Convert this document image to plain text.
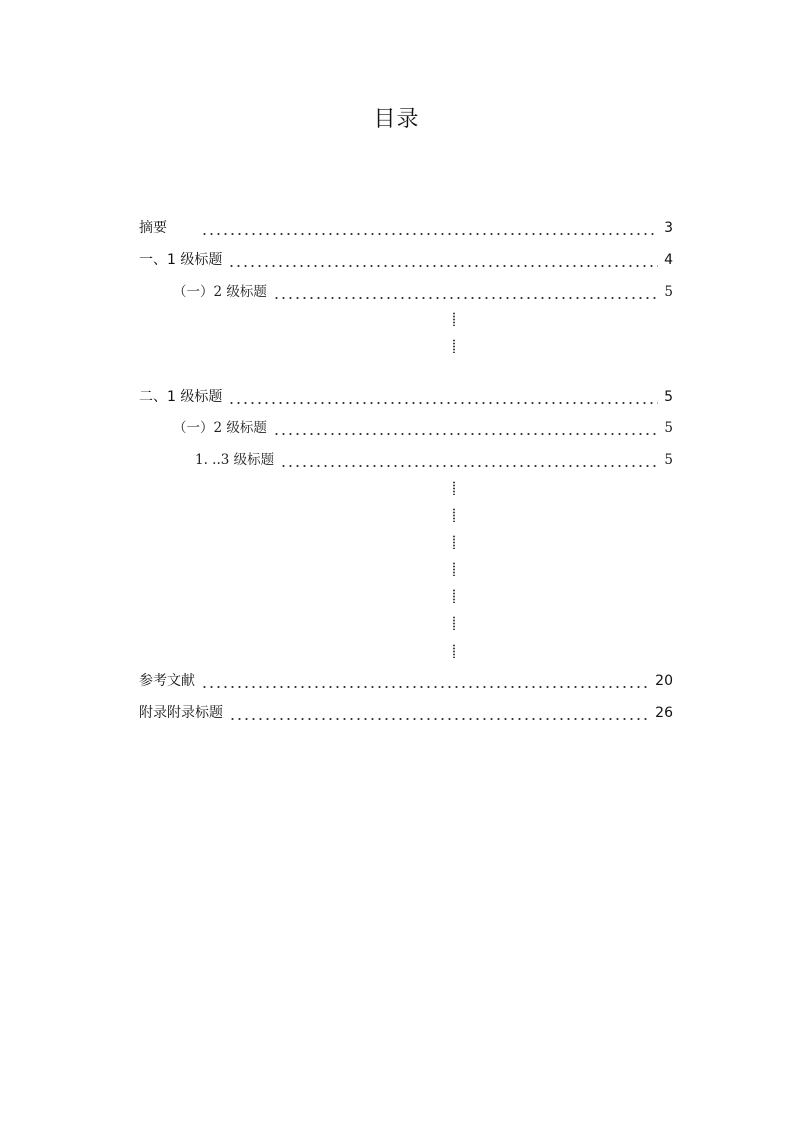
目录
摘要	3
一、1 级标题	4
（一）2 级标题	5
二、1 级标题	5
（一）2 级标题	5
1. ..3 级标题	5
参考文献	20
附录附录标题	26
